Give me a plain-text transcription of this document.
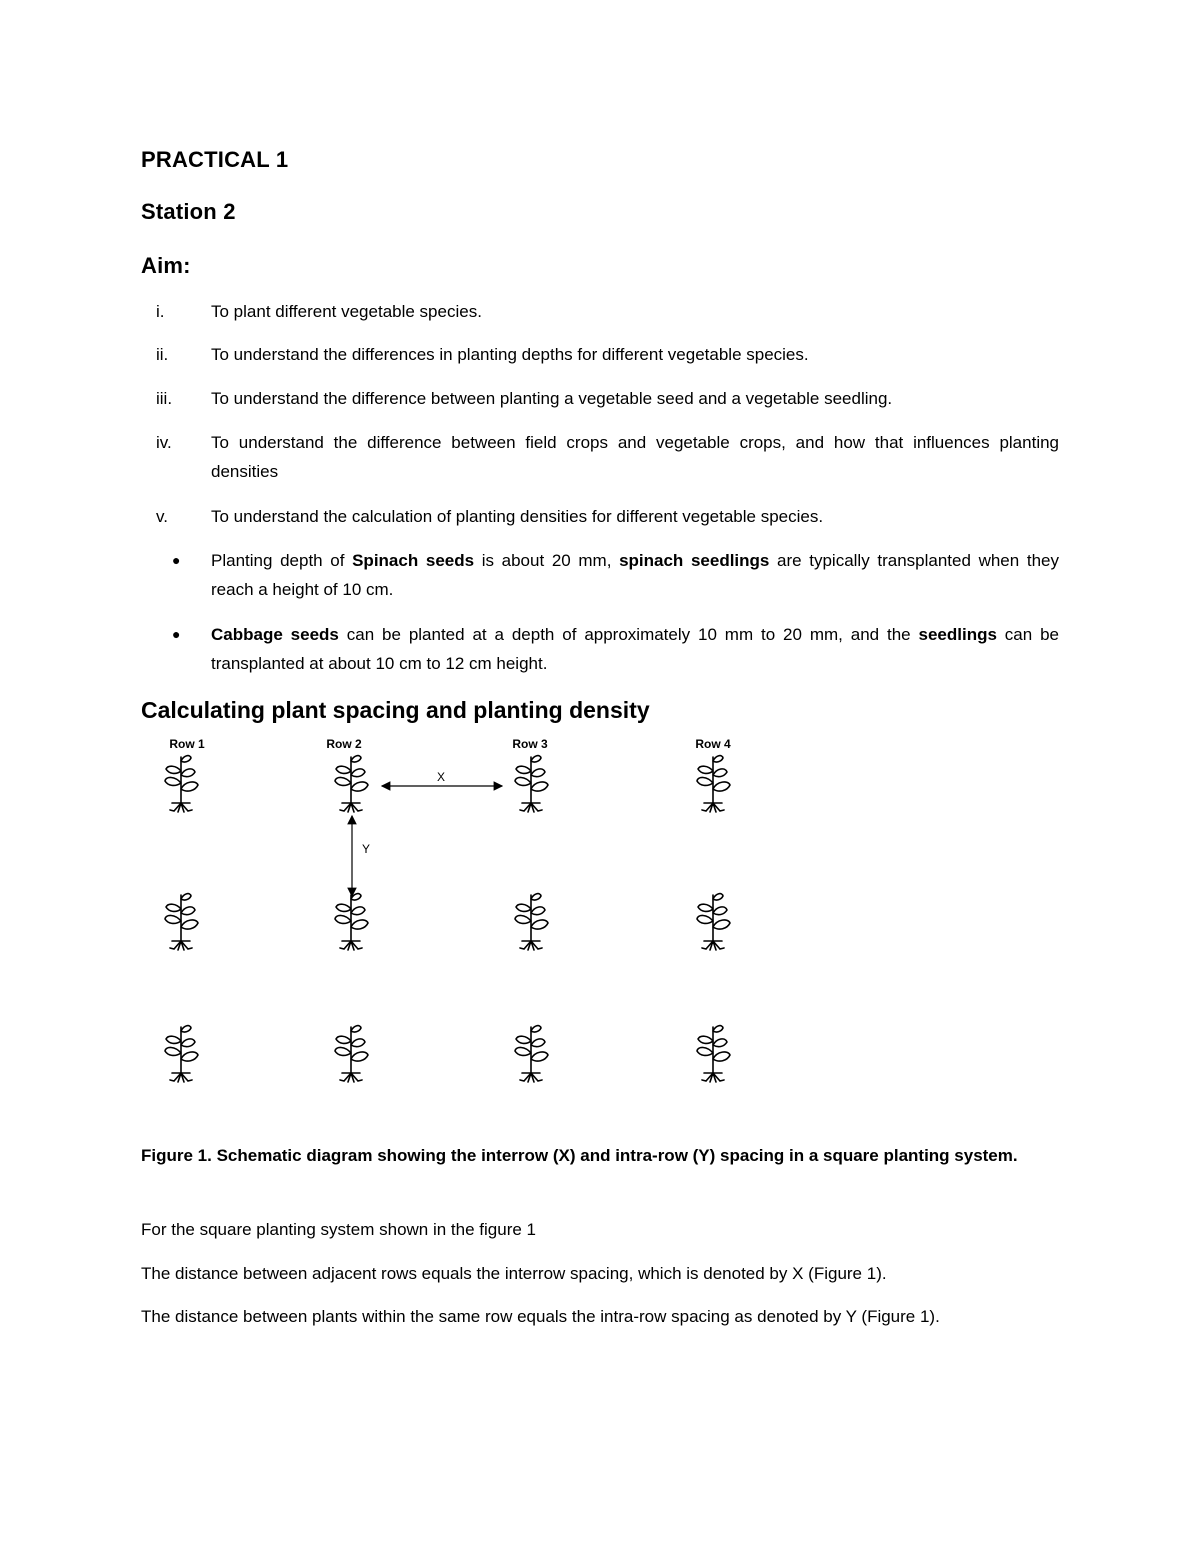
PRACTICAL 1
Station 2
Aim:
i.	To plant different vegetable species.
ii.	To understand the differences in planting depths for different vegetable species.
iii. To understand the difference between planting a vegetable seed and a vegetable seedling.
iv. To understand the difference between field crops and vegetable crops, and how that influences planting densities
v.	To understand the calculation of planting densities for different vegetable species.
● Planting depth of Spinach seeds is about 20 mm, spinach seedlings are typically transplanted when they reach a height of 10 cm.
● Cabbage seeds can be planted at a depth of approximately 10 mm to 20 mm, and the seedlings can be transplanted at about 10 cm to 12 cm height.
Calculating plant spacing and planting density
Row 1	Row 2	Row 3	Row 4
X
Y
Figure 1. Schematic diagram showing the interrow (X) and intra-row (Y) spacing in a square planting system.
For the square planting system shown in the figure 1
The distance between adjacent rows equals the interrow spacing, which is denoted by X (Figure 1).
The distance between plants within the same row equals the intra-row spacing as denoted by Y (Figure 1).
